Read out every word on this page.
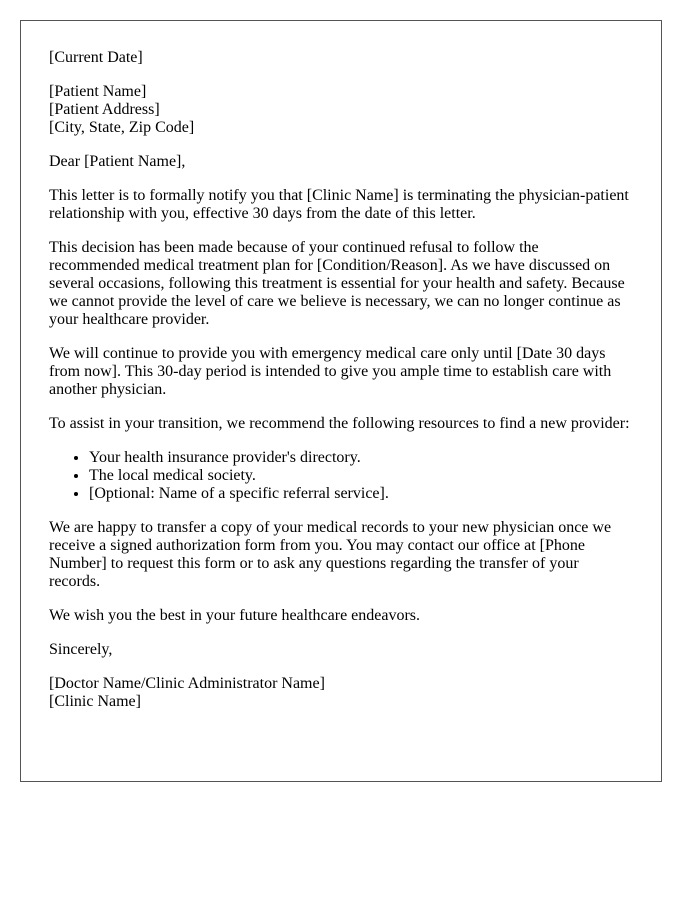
[Current Date]

[Patient Name]
[Patient Address]
[City, State, Zip Code]

Dear [Patient Name],

This letter is to formally notify you that [Clinic Name] is terminating the physician-patient relationship with you, effective 30 days from the date of this letter.

This decision has been made because of your continued refusal to follow the recommended medical treatment plan for [Condition/Reason]. As we have discussed on several occasions, following this treatment is essential for your health and safety. Because we cannot provide the level of care we believe is necessary, we can no longer continue as your healthcare provider.

We will continue to provide you with emergency medical care only until [Date 30 days from now]. This 30-day period is intended to give you ample time to establish care with another physician.

To assist in your transition, we recommend the following resources to find a new provider:

• Your health insurance provider's directory.
• The local medical society.
• [Optional: Name of a specific referral service].

We are happy to transfer a copy of your medical records to your new physician once we receive a signed authorization form from you. You may contact our office at [Phone Number] to request this form or to ask any questions regarding the transfer of your records.

We wish you the best in your future healthcare endeavors.

Sincerely,

[Doctor Name/Clinic Administrator Name]
[Clinic Name]
